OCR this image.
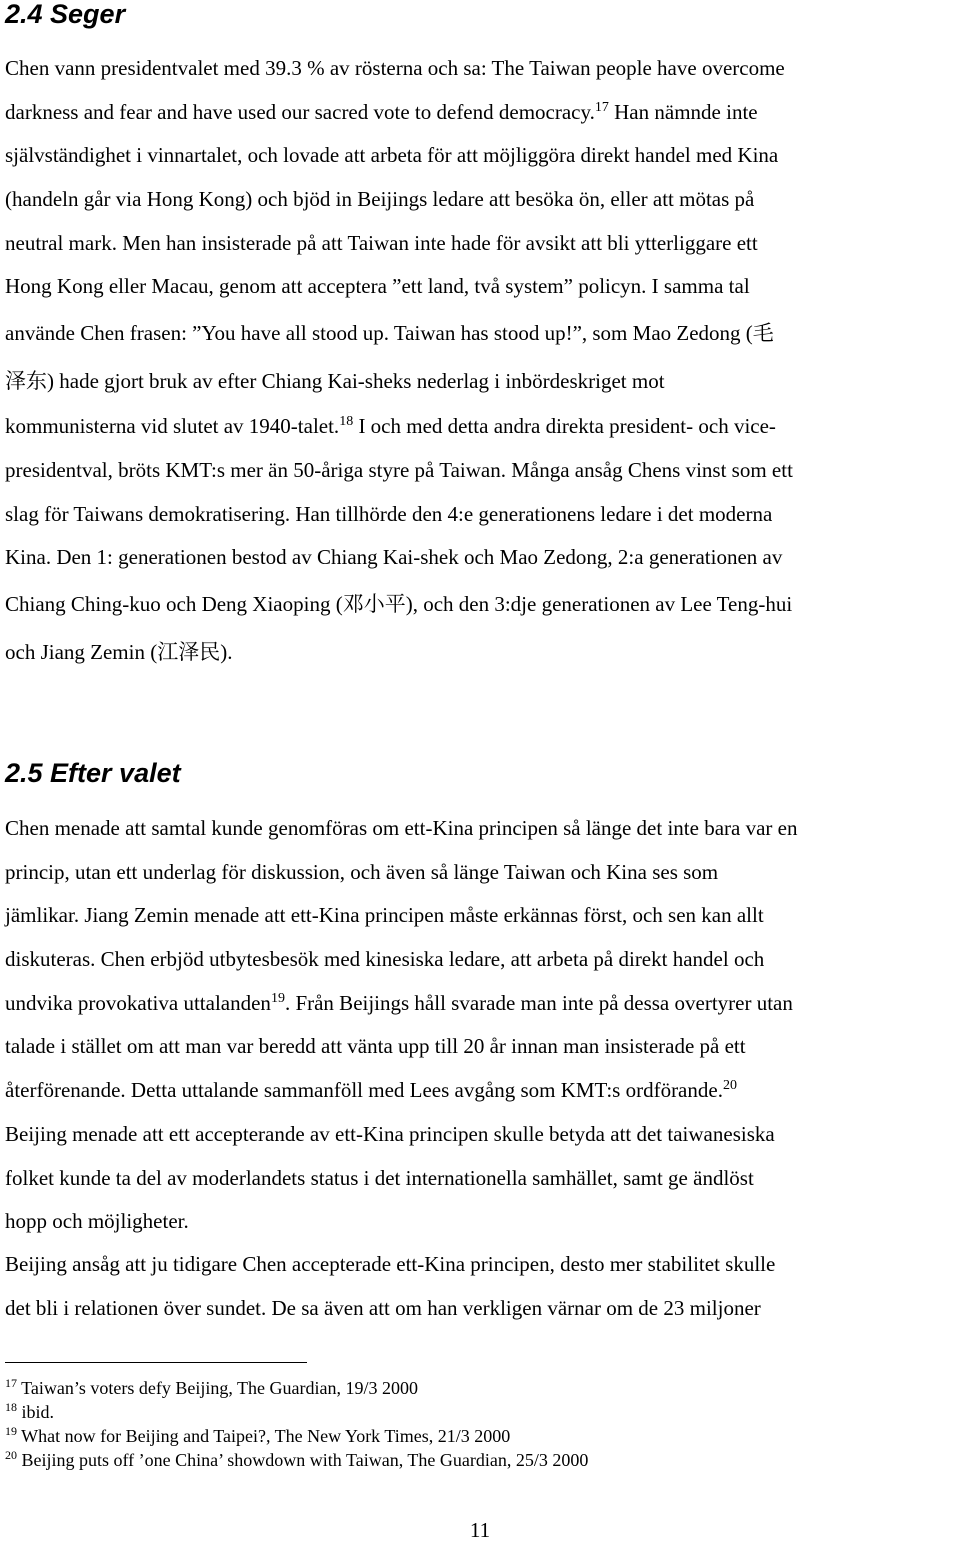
2.4 Seger
Chen vann presidentvalet med 39.3 % av rösterna och sa: The Taiwan people have overcome
darkness and fear and have used our sacred vote to defend democracy.$^{17}$ Han nämnde inte
självständighet i vinnartalet, och lovade att arbeta för att möjliggöra direkt handel med Kina
(handeln går via Hong Kong) och bjöd in Beijings ledare att besöka ön, eller att mötas på
neutral mark. Men han insisterade på att Taiwan inte hade för avsikt att bli ytterliggare ett
Hong Kong eller Macau, genom att acceptera ”ett land, två system” policyn. I samma tal
använde Chen frasen: ”You have all stood up. Taiwan has stood up!”, som Mao Zedong (毛
泽东) hade gjort bruk av efter Chiang Kai-sheks nederlag i inbördeskriget mot
kommunisterna vid slutet av 1940-talet.$^{18}$ I och med detta andra direkta president- och vice-
presidentval, bröts KMT:s mer än 50-åriga styre på Taiwan. Många ansåg Chens vinst som ett
slag för Taiwans demokratisering. Han tillhörde den 4:e generationens ledare i det moderna
Kina. Den 1: generationen bestod av Chiang Kai-shek och Mao Zedong, 2:a generationen av
Chiang Ching-kuo och Deng Xiaoping (邓小平), och den 3:dje generationen av Lee Teng-hui
och Jiang Zemin (江泽民).
2.5 Efter valet
Chen menade att samtal kunde genomföras om ett-Kina principen så länge det inte bara var en
princip, utan ett underlag för diskussion, och även så länge Taiwan och Kina ses som
jämlikar. Jiang Zemin menade att ett-Kina principen måste erkännas först, och sen kan allt
diskuteras. Chen erbjöd utbytesbesök med kinesiska ledare, att arbeta på direkt handel och
undvika provokativa uttalanden$^{19}$. Från Beijings håll svarade man inte på dessa overtyrer utan
talade i stället om att man var beredd att vänta upp till 20 år innan man insisterade på ett
återförenande. Detta uttalande sammanföll med Lees avgång som KMT:s ordförande.$^{20}$
Beijing menade att ett accepterande av ett-Kina principen skulle betyda att det taiwanesiska
folket kunde ta del av moderlandets status i det internationella samhället, samt ge ändlöst
hopp och möjligheter.
Beijing ansåg att ju tidigare Chen accepterade ett-Kina principen, desto mer stabilitet skulle
det bli i relationen över sundet. De sa även att om han verkligen värnar om de 23 miljoner
$^{17}$ Taiwan’s voters defy Beijing, The Guardian, 19/3 2000
$^{18}$ ibid.
$^{19}$ What now for Beijing and Taipei?, The New York Times, 21/3 2000
$^{20}$ Beijing puts off ’one China’ showdown with Taiwan, The Guardian, 25/3 2000
11
